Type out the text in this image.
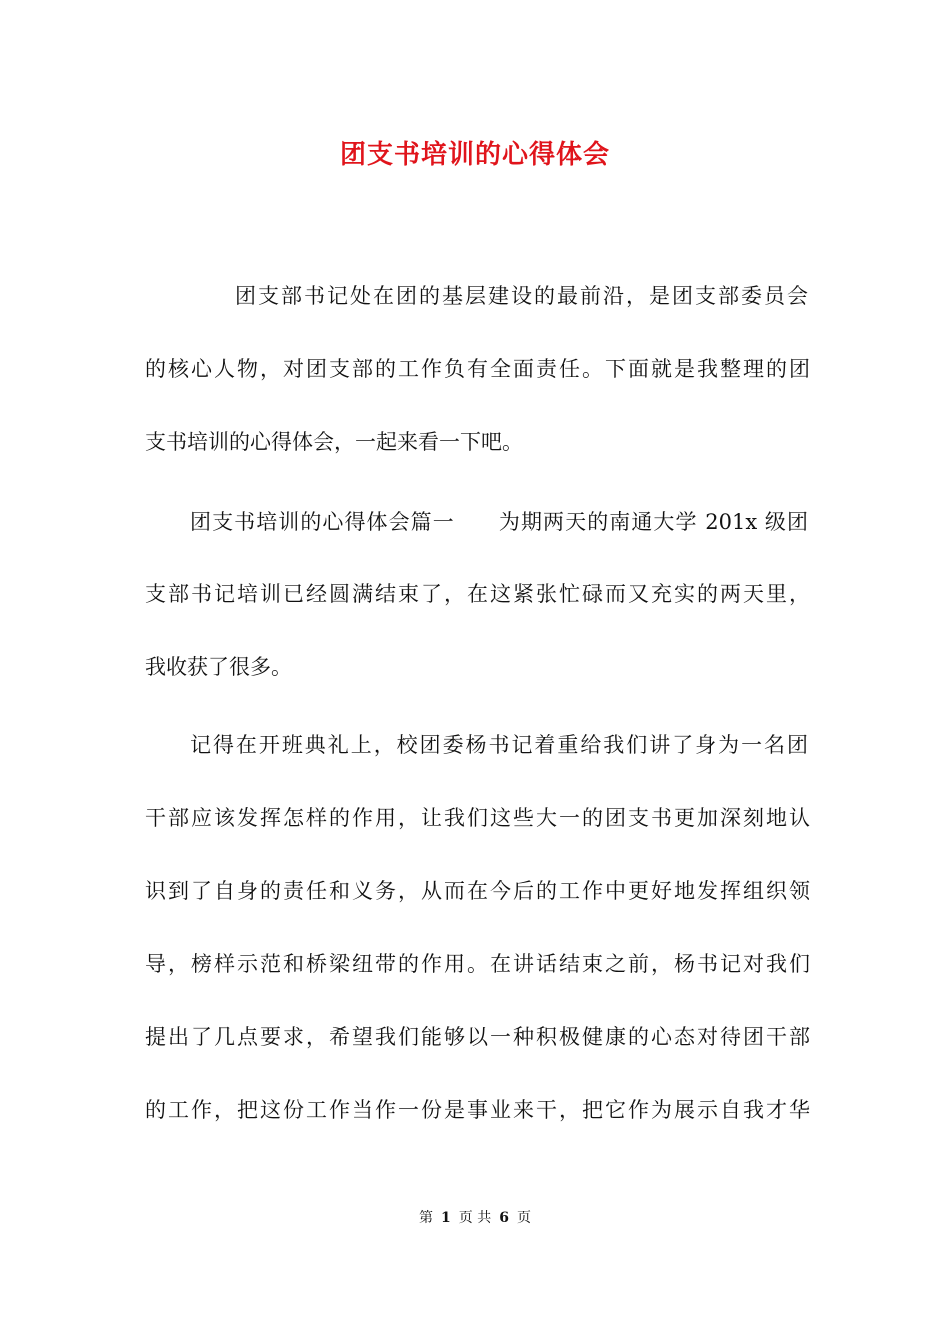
团支书培训的心得体会
团支部书记处在团的基层建设的最前沿，是团支部委员会
的核心人物，对团支部的工作负有全面责任。下面就是我整理的团
支书培训的心得体会，一起来看一下吧。
团支书培训的心得体会篇一　　为期两天的南通大学 201x 级团
支部书记培训已经圆满结束了，在这紧张忙碌而又充实的两天里，
我收获了很多。
记得在开班典礼上，校团委杨书记着重给我们讲了身为一名团
干部应该发挥怎样的作用，让我们这些大一的团支书更加深刻地认
识到了自身的责任和义务，从而在今后的工作中更好地发挥组织领
导，榜样示范和桥梁纽带的作用。在讲话结束之前，杨书记对我们
提出了几点要求，希望我们能够以一种积极健康的心态对待团干部
的工作，把这份工作当作一份是事业来干，把它作为展示自我才华
第 1 页 共 6 页
